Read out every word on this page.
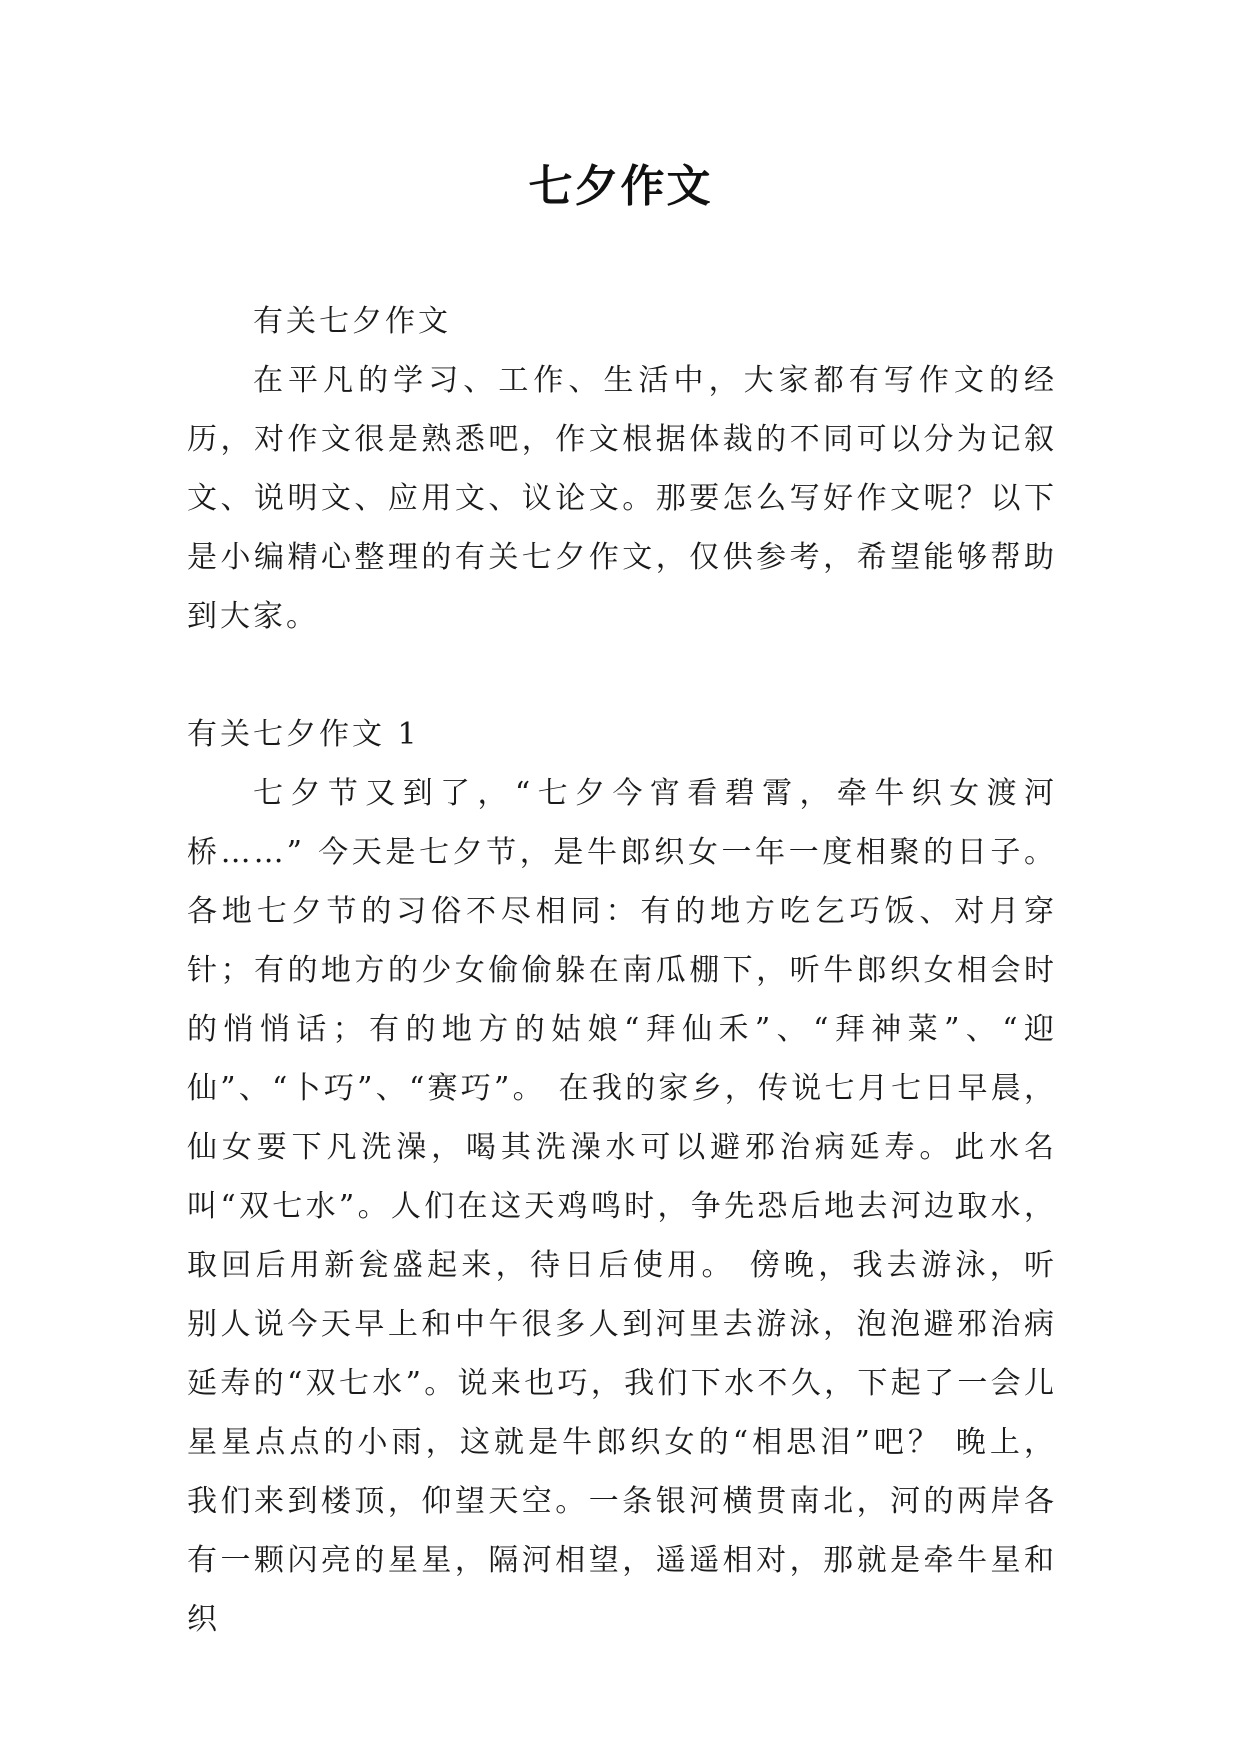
七夕作文

有关七夕作文

在平凡的学习、工作、生活中，大家都有写作文的经历，对作文很是熟悉吧，作文根据体裁的不同可以分为记叙文、说明文、应用文、议论文。那要怎么写好作文呢？以下是小编精心整理的有关七夕作文，仅供参考，希望能够帮助到大家。

有关七夕作文 1

七夕节又到了，“七夕今宵看碧霄，牵牛织女渡河桥……” 今天是七夕节，是牛郎织女一年一度相聚的日子。各地七夕节的习俗不尽相同：有的地方吃乞巧饭、对月穿针；有的地方的少女偷偷躲在南瓜棚下，听牛郎织女相会时的悄悄话；有的地方的姑娘“拜仙禾”、“拜神菜”、“迎仙”、“卜巧”、“赛巧”。 在我的家乡，传说七月七日早晨，仙女要下凡洗澡，喝其洗澡水可以避邪治病延寿。此水名叫“双七水”。人们在这天鸡鸣时，争先恐后地去河边取水，取回后用新瓮盛起来，待日后使用。 傍晚，我去游泳，听别人说今天早上和中午很多人到河里去游泳，泡泡避邪治病延寿的“双七水”。说来也巧，我们下水不久，下起了一会儿星星点点的小雨，这就是牛郎织女的“相思泪”吧？ 晚上，我们来到楼顶，仰望天空。一条银河横贯南北，河的两岸各有一颗闪亮的星星，隔河相望，遥遥相对，那就是牵牛星和织
